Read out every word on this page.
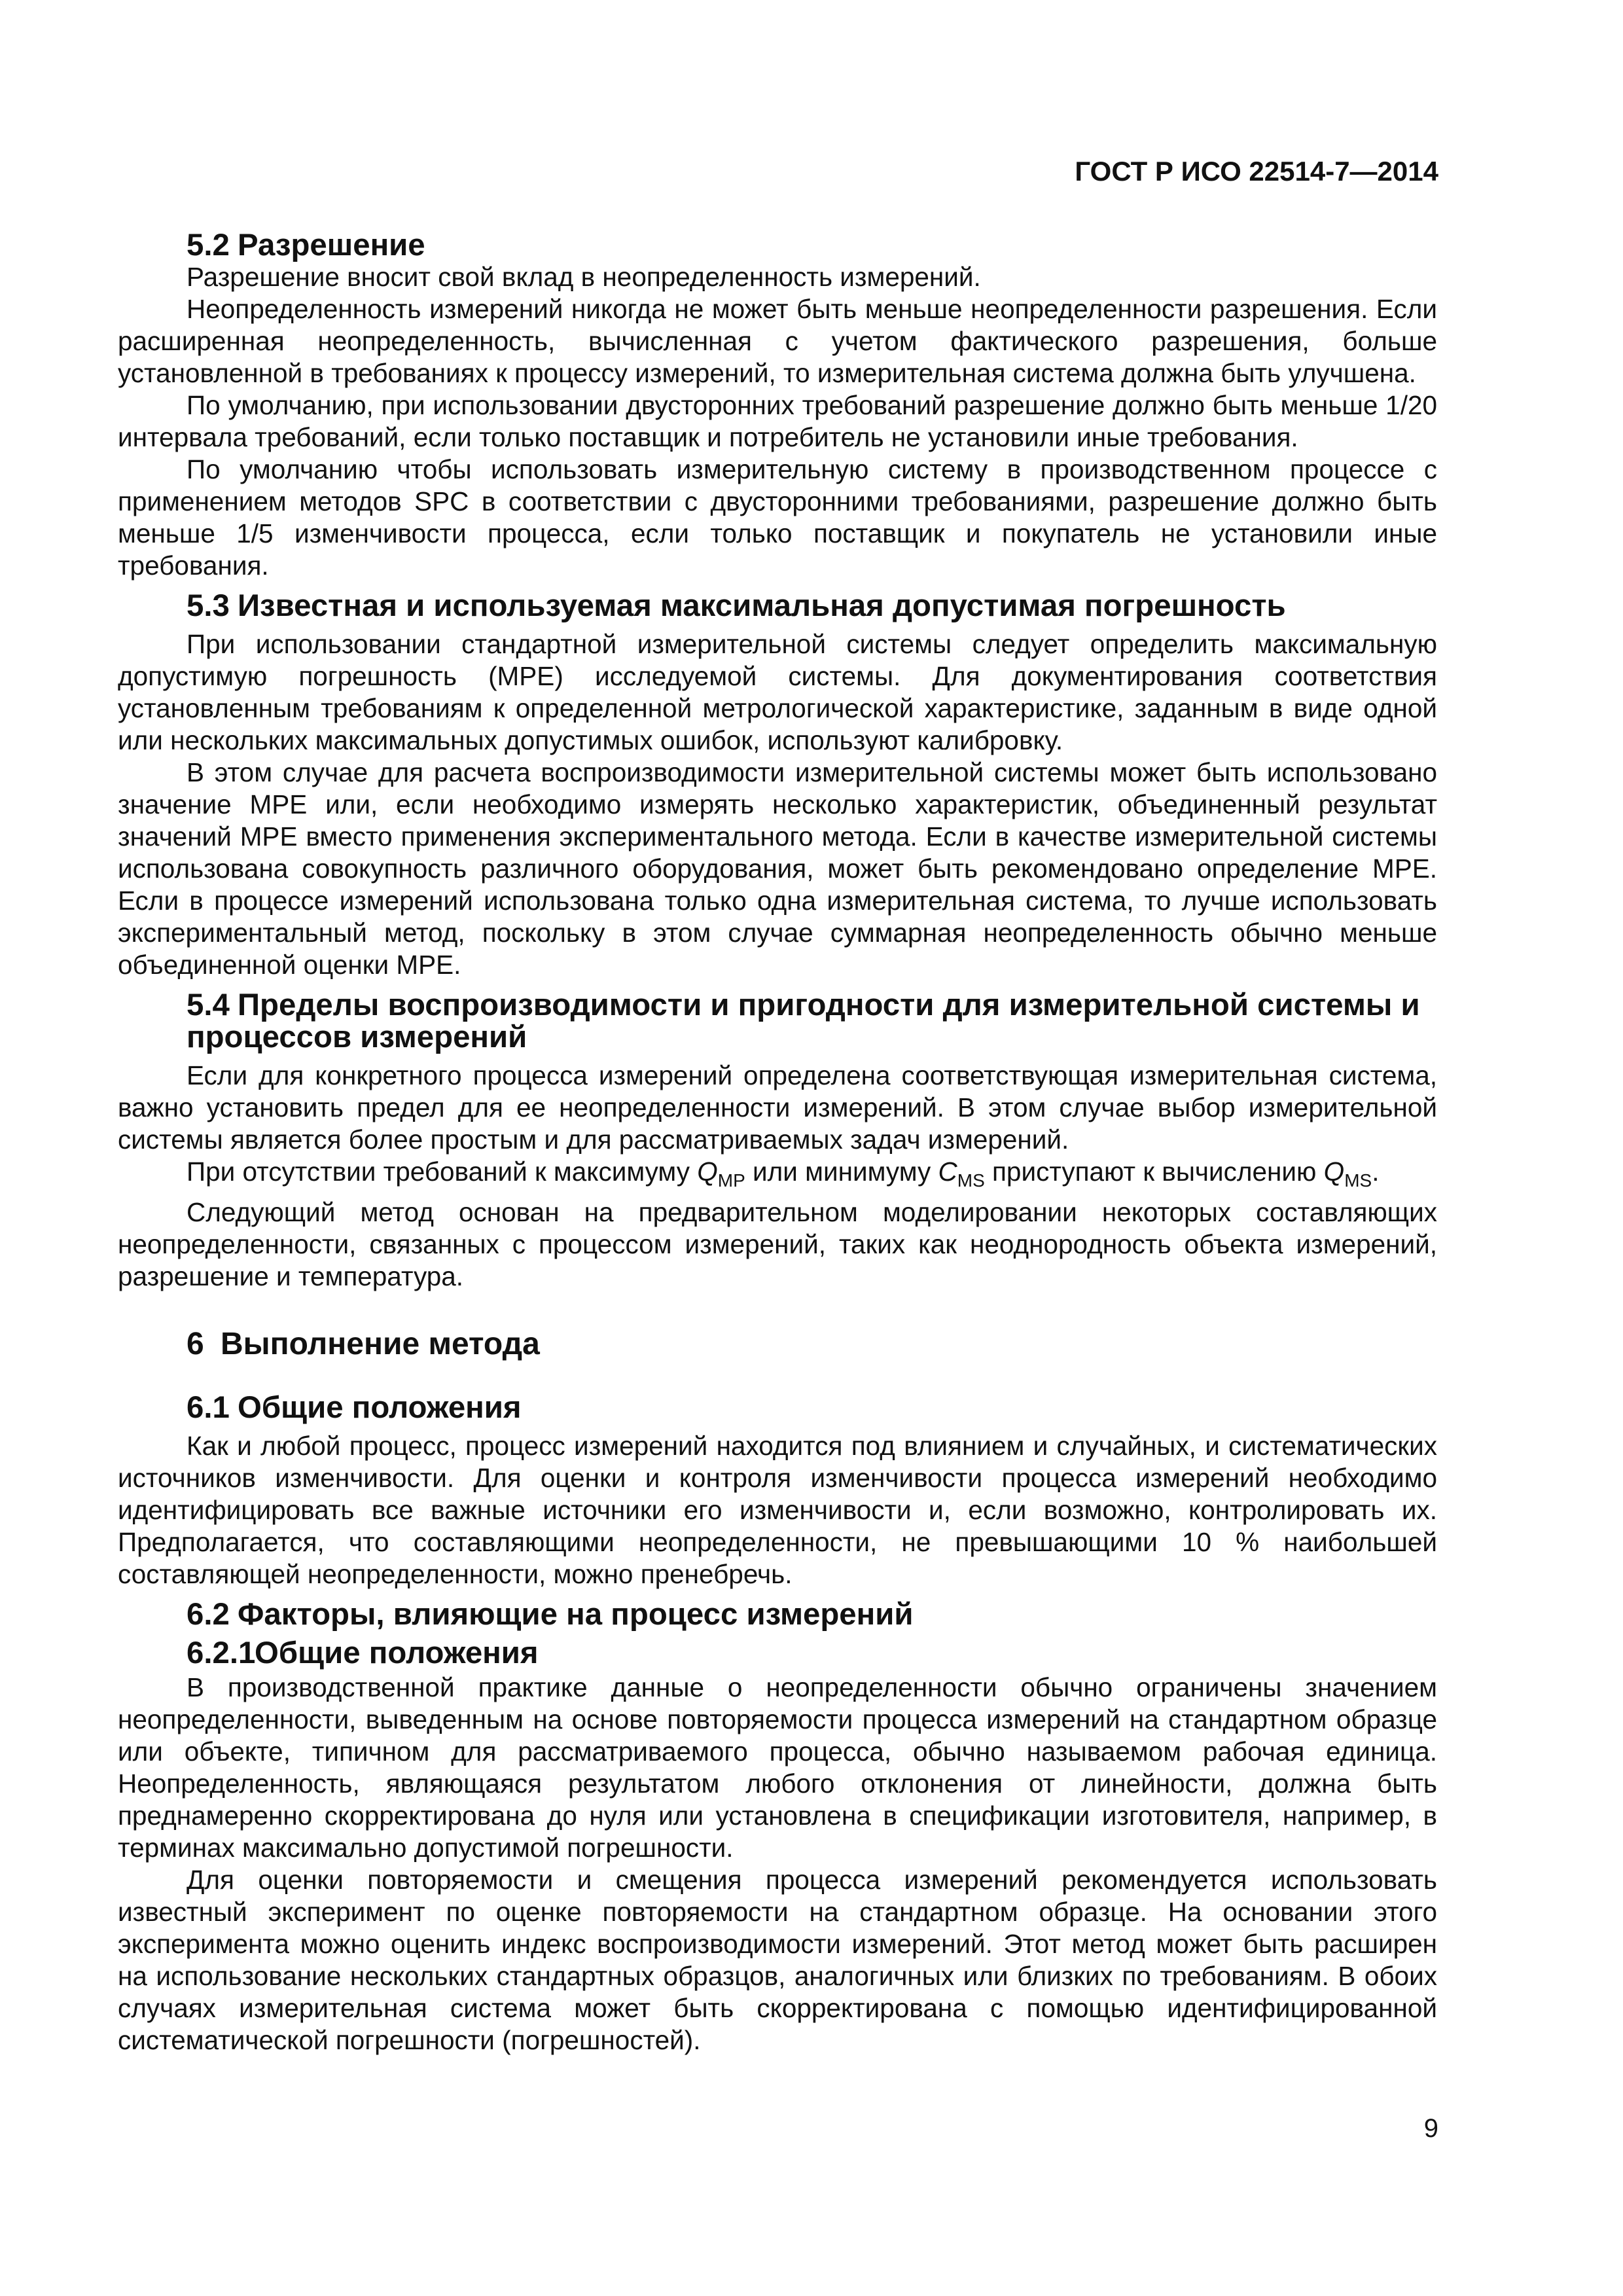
ГОСТ Р ИСО 22514-7—2014
5.2 Разрешение

Разрешение вносит свой вклад в неопределенность измерений.

Неопределенность измерений никогда не может быть меньше неопределенности разрешения. Если расширенная неопределенность, вычисленная с учетом фактического разрешения, больше установленной в требованиях к процессу измерений, то измерительная система должна быть улучшена.

По умолчанию, при использовании двусторонних требований разрешение должно быть меньше 1/20 интервала требований, если только поставщик и потребитель не установили иные требования.

По умолчанию чтобы использовать измерительную систему в производственном процессе с применением методов SPC в соответствии с двусторонними требованиями, разрешение должно быть меньше 1/5 изменчивости процесса, если только поставщик и покупатель не установили иные требования.

5.3 Известная и используемая максимальная допустимая погрешность

При использовании стандартной измерительной системы следует определить максимальную допустимую погрешность (МРЕ) исследуемой системы. Для документирования соответствия установленным требованиям к определенной метрологической характеристике, заданным в виде одной или нескольких максимальных допустимых ошибок, используют калибровку.

В этом случае для расчета воспроизводимости измерительной системы может быть использовано значение МРЕ или, если необходимо измерять несколько характеристик, объединенный результат значений МРЕ вместо применения экспериментального метода. Если в качестве измерительной системы использована совокупность различного оборудования, может быть рекомендовано определение МРЕ. Если в процессе измерений использована только одна измерительная система, то лучше использовать экспериментальный метод, поскольку в этом случае суммарная неопределенность обычно меньше объединенной оценки МРЕ.

5.4 Пределы воспроизводимости и пригодности для измерительной системы и процессов измерений

Если для конкретного процесса измерений определена соответствующая измерительная система, важно установить предел для ее неопределенности измерений. В этом случае выбор измерительной системы является более простым и для рассматриваемых задач измерений.

При отсутствии требований к максимуму $Q_{MP}$ или минимуму $C_{MS}$ приступают к вычислению $Q_{MS}$.

Следующий метод основан на предварительном моделировании некоторых составляющих неопределенности, связанных с процессом измерений, таких как неоднородность объекта измерений, разрешение и температура.

6 Выполнение метода
6.1 Общие положения

Как и любой процесс, процесс измерений находится под влиянием и случайных, и систематических источников изменчивости. Для оценки и контроля изменчивости процесса измерений необходимо идентифицировать все важные источники его изменчивости и, если возможно, контролировать их. Предполагается, что составляющими неопределенности, не превышающими 10 % наибольшей составляющей неопределенности, можно пренебречь.

6.2 Факторы, влияющие на процесс измерений
6.2.1Общие положения

В производственной практике данные о неопределенности обычно ограничены значением неопределенности, выведенным на основе повторяемости процесса измерений на стандартном образце или объекте, типичном для рассматриваемого процесса, обычно называемом рабочая единица. Неопределенность, являющаяся результатом любого отклонения от линейности, должна быть преднамеренно скорректирована до нуля или установлена в спецификации изготовителя, например, в терминах максимально допустимой погрешности.

Для оценки повторяемости и смещения процесса измерений рекомендуется использовать известный эксперимент по оценке повторяемости на стандартном образце. На основании этого эксперимента можно оценить индекс воспроизводимости измерений. Этот метод может быть расширен на использование нескольких стандартных образцов, аналогичных или близких по требованиям. В обоих случаях измерительная система может быть скорректирована с помощью идентифицированной систематической погрешности (погрешностей).

9
